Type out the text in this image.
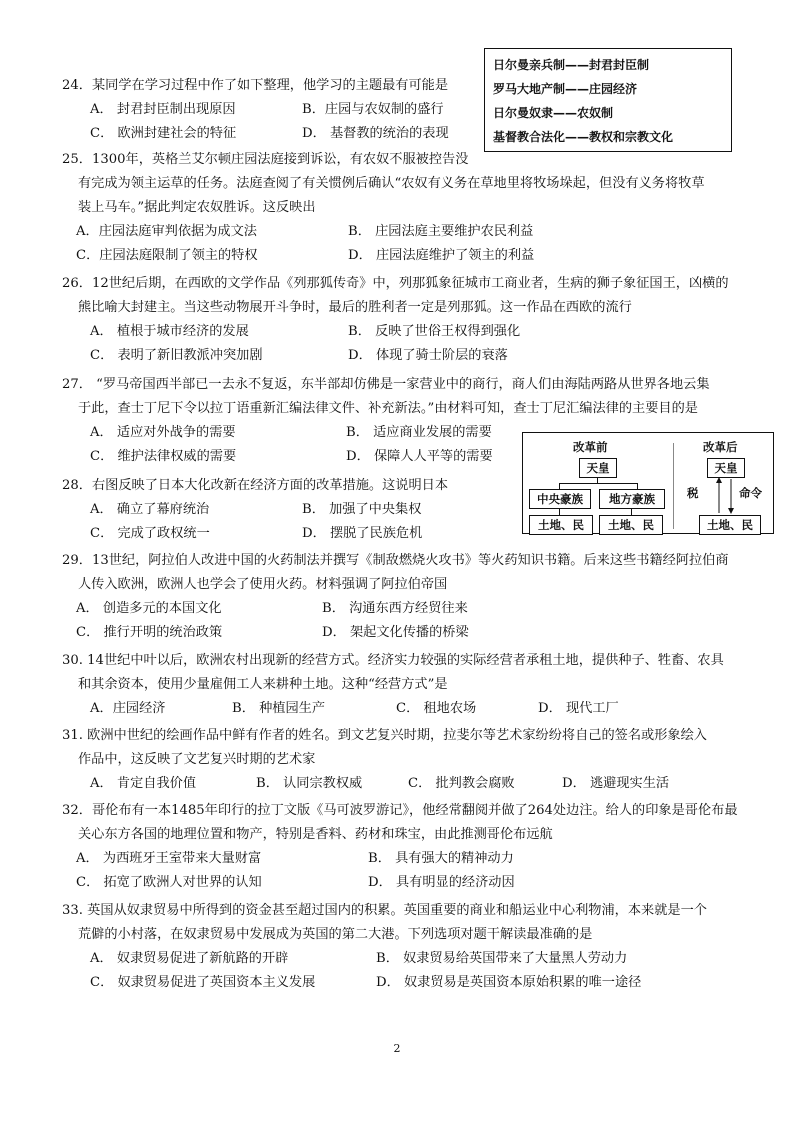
日尔曼亲兵制——封君封臣制
罗马大地产制——庄园经济
日尔曼奴隶——农奴制
基督教合法化——教权和宗教文化
24．某同学在学习过程中作了如下整理，他学习的主题最有可能是
A． 封君封臣制出现原因	B．庄园与农奴制的盛行
C． 欧洲封建社会的特征	D． 基督教的统治的表现
25．1300年，英格兰艾尔顿庄园法庭接到诉讼，有农奴不服被控告没
有完成为领主运草的任务。法庭查阅了有关惯例后确认“农奴有义务在草地里将牧场垛起，但没有义务将牧草
装上马车。”据此判定农奴胜诉。这反映出
A．庄园法庭审判依据为成文法	B． 庄园法庭主要维护农民利益
C．庄园法庭限制了领主的特权	D． 庄园法庭维护了领主的利益
26．12世纪后期，在西欧的文学作品《列那狐传奇》中，列那狐象征城市工商业者，生病的狮子象征国王，凶横的
熊比喻大封建主。当这些动物展开斗争时，最后的胜利者一定是列那狐。这一作品在西欧的流行
A． 植根于城市经济的发展	B． 反映了世俗王权得到强化
C． 表明了新旧教派冲突加剧	D． 体现了骑士阶层的衰落
27． “罗马帝国西半部已一去永不复返，东半部却仿佛是一家营业中的商行，商人们由海陆两路从世界各地云集
于此，查士丁尼下令以拉丁语重新汇编法律文件、补充新法。”由材料可知，查士丁尼汇编法律的主要目的是
A． 适应对外战争的需要	B． 适应商业发展的需要
C． 维护法律权威的需要	D． 保障人人平等的需要
改革前	改革后
天皇
中央豪族	地方豪族
土地、民	土地、民
天皇
税	命令
土地、民
28．右图反映了日本大化改新在经济方面的改革措施。这说明日本
A． 确立了幕府统治	B． 加强了中央集权
C． 完成了政权统一	D． 摆脱了民族危机
29．13世纪，阿拉伯人改进中国的火药制法并撰写《制敌燃烧火攻书》等火药知识书籍。后来这些书籍经阿拉伯商
人传入欧洲，欧洲人也学会了使用火药。材料强调了阿拉伯帝国
A． 创造多元的本国文化	B． 沟通东西方经贸往来
C． 推行开明的统治政策	D． 架起文化传播的桥梁
30. 14世纪中叶以后，欧洲农村出现新的经营方式。经济实力较强的实际经营者承租土地，提供种子、牲畜、农具
和其余资本，使用少量雇佣工人来耕种土地。这种“经营方式”是
A．庄园经济	B． 种植园生产	C． 租地农场	D． 现代工厂
31. 欧洲中世纪的绘画作品中鲜有作者的姓名。到文艺复兴时期，拉斐尔等艺术家纷纷将自己的签名或形象绘入
作品中，这反映了文艺复兴时期的艺术家
A． 肯定自我价值	B． 认同宗教权威	C． 批判教会腐败	D． 逃避现实生活
32．哥伦布有一本1485年印行的拉丁文版《马可波罗游记》，他经常翻阅并做了264处边注。给人的印象是哥伦布最
关心东方各国的地理位置和物产，特别是香料、药材和珠宝，由此推测哥伦布远航
A． 为西班牙王室带来大量财富	B． 具有强大的精神动力
C． 拓宽了欧洲人对世界的认知	D． 具有明显的经济动因
33. 英国从奴隶贸易中所得到的资金甚至超过国内的积累。英国重要的商业和船运业中心利物浦，本来就是一个
荒僻的小村落，在奴隶贸易中发展成为英国的第二大港。下列选项对题干解读最准确的是
A． 奴隶贸易促进了新航路的开辟	B． 奴隶贸易给英国带来了大量黑人劳动力
C． 奴隶贸易促进了英国资本主义发展	D． 奴隶贸易是英国资本原始积累的唯一途径
2
